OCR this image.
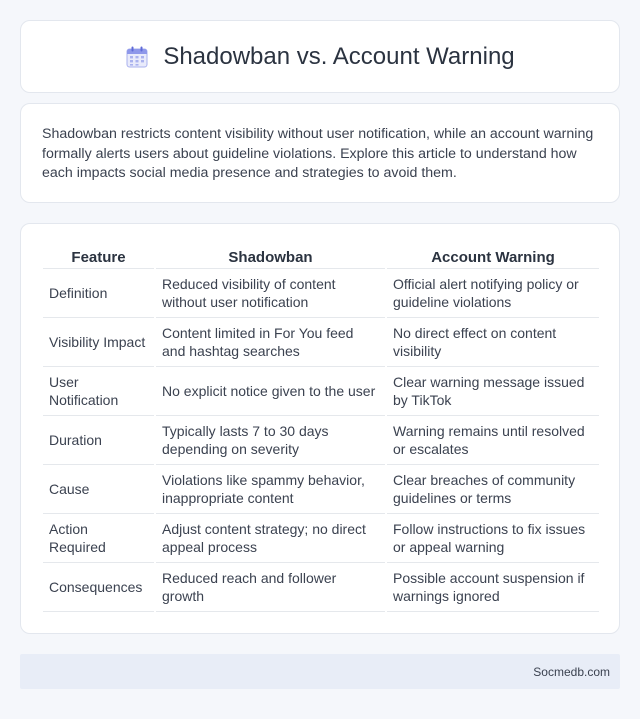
Shadowban vs. Account Warning

Shadowban restricts content visibility without user notification, while an account warning formally alerts users about guideline violations. Explore this article to understand how each impacts social media presence and strategies to avoid them.

Feature	Shadowban	Account Warning
Definition	Reduced visibility of content without user notification	Official alert notifying policy or guideline violations
Visibility Impact	Content limited in For You feed and hashtag searches	No direct effect on content visibility
User Notification	No explicit notice given to the user	Clear warning message issued by TikTok
Duration	Typically lasts 7 to 30 days depending on severity	Warning remains until resolved or escalates
Cause	Violations like spammy behavior, inappropriate content	Clear breaches of community guidelines or terms
Action Required	Adjust content strategy; no direct appeal process	Follow instructions to fix issues or appeal warning
Consequences	Reduced reach and follower growth	Possible account suspension if warnings ignored
Socmedb.com
